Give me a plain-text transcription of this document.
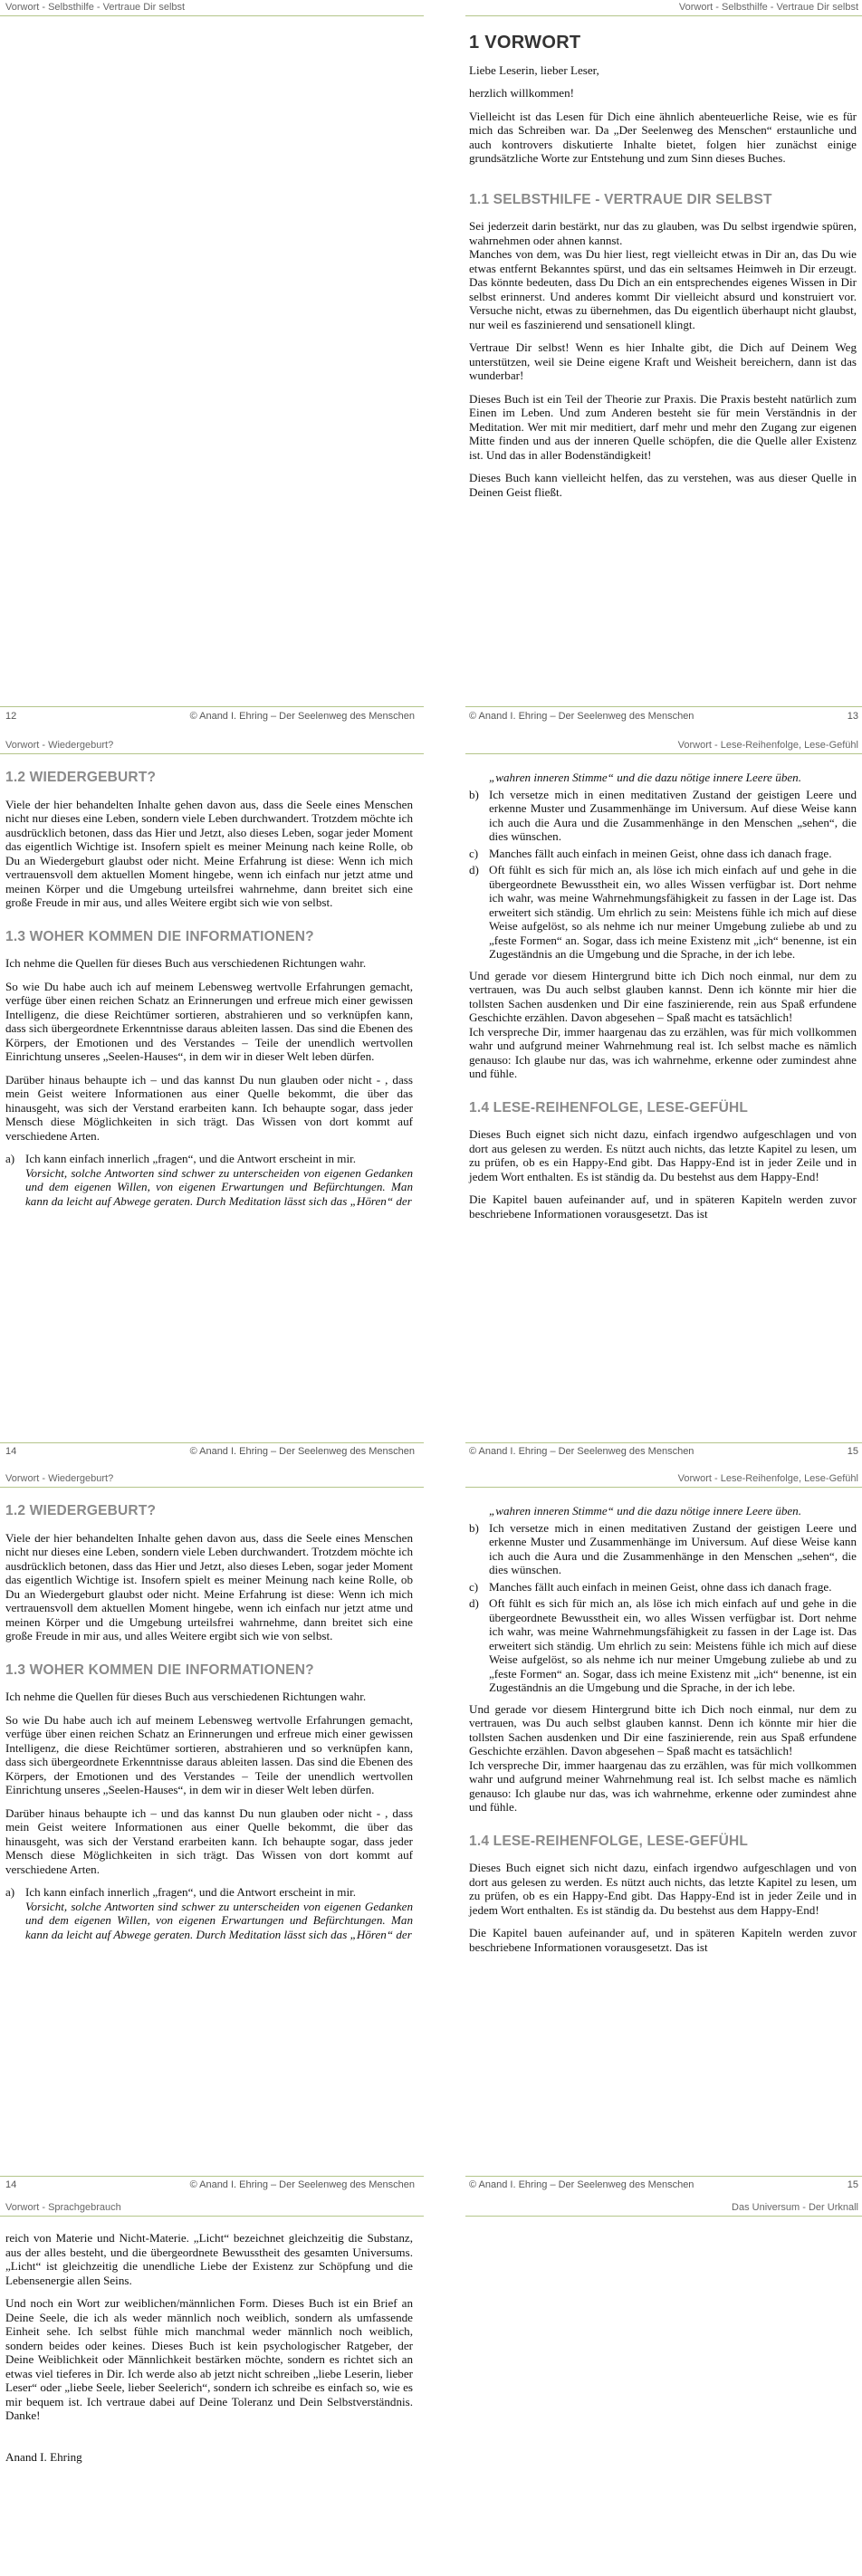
Vorwort - Selbsthilfe - Vertraue Dir selbst	Vorwort - Selbsthilfe - Vertraue Dir selbst
1 VORWORT

Liebe Leserin, lieber Leser,

herzlich willkommen!

Vielleicht ist das Lesen für Dich eine ähnlich abenteuerliche Reise, wie es für mich das Schreiben war. Da „Der Seelenweg des Menschen“ erstaunliche und auch kontrovers diskutierte Inhalte bietet, folgen hier zunächst einige grundsätzliche Worte zur Entstehung und zum Sinn dieses Buches.

1.1 SELBSTHILFE - VERTRAUE DIR SELBST

Sei jederzeit darin bestärkt, nur das zu glauben, was Du selbst irgendwie spüren, wahrnehmen oder ahnen kannst.

Manches von dem, was Du hier liest, regt vielleicht etwas in Dir an, das Du wie etwas entfernt Bekanntes spürst, und das ein seltsames Heimweh in Dir erzeugt. Das könnte bedeuten, dass Du Dich an ein entsprechendes eigenes Wissen in Dir selbst erinnerst. Und anderes kommt Dir vielleicht absurd und konstruiert vor. Versuche nicht, etwas zu übernehmen, das Du eigentlich überhaupt nicht glaubst, nur weil es faszinierend und sensationell klingt.

Vertraue Dir selbst! Wenn es hier Inhalte gibt, die Dich auf Deinem Weg unterstützen, weil sie Deine eigene Kraft und Weisheit bereichern, dann ist das wunderbar!

Dieses Buch ist ein Teil der Theorie zur Praxis. Die Praxis besteht natürlich zum Einen im Leben. Und zum Anderen besteht sie für mein Verständnis in der Meditation. Wer mit mir meditiert, darf mehr und mehr den Zugang zur eigenen Mitte finden und aus der inneren Quelle schöpfen, die die Quelle aller Existenz ist. Und das in aller Bodenständigkeit!

Dieses Buch kann vielleicht helfen, das zu verstehen, was aus dieser Quelle in Deinen Geist fließt.

12	© Anand I. Ehring – Der Seelenweg des Menschen	© Anand I. Ehring – Der Seelenweg des Menschen	13
Vorwort - Wiedergeburt?	Vorwort - Lese-Reihenfolge, Lese-Gefühl
1.2 WIEDERGEBURT?

Viele der hier behandelten Inhalte gehen davon aus, dass die Seele eines Menschen nicht nur dieses eine Leben, sondern viele Leben durchwandert. Trotzdem möchte ich ausdrücklich betonen, dass das Hier und Jetzt, also dieses Leben, sogar jeder Moment das eigentlich Wichtige ist. Insofern spielt es meiner Meinung nach keine Rolle, ob Du an Wiedergeburt glaubst oder nicht. Meine Erfahrung ist diese: Wenn ich mich vertrauensvoll dem aktuellen Moment hingebe, wenn ich einfach nur jetzt atme und meinen Körper und die Umgebung urteilsfrei wahrnehme, dann breitet sich eine große Freude in mir aus, und alles Weitere ergibt sich wie von selbst.

1.3 WOHER KOMMEN DIE INFORMATIONEN?

Ich nehme die Quellen für dieses Buch aus verschiedenen Richtungen wahr.

So wie Du habe auch ich auf meinem Lebensweg wertvolle Erfahrungen gemacht, verfüge über einen reichen Schatz an Erinnerungen und erfreue mich einer gewissen Intelligenz, die diese Reichtümer sortieren, abstrahieren und so verknüpfen kann, dass sich übergeordnete Erkenntnisse daraus ableiten lassen. Das sind die Ebenen des Körpers, der Emotionen und des Verstandes – Teile der unendlich wertvollen Einrichtung unseres „Seelen-Hauses“, in dem wir in dieser Welt leben dürfen.

Darüber hinaus behaupte ich – und das kannst Du nun glauben oder nicht - , dass mein Geist weitere Informationen aus einer Quelle bekommt, die über das hinausgeht, was sich der Verstand erarbeiten kann. Ich behaupte sogar, dass jeder Mensch diese Möglichkeiten in sich trägt. Das Wissen von dort kommt auf verschiedene Arten.

a) Ich kann einfach innerlich „fragen“, und die Antwort erscheint in mir.
Vorsicht, solche Antworten sind schwer zu unterscheiden von eigenen Gedanken und dem eigenen Willen, von eigenen Erwartungen und Befürchtungen. Man kann da leicht auf Abwege geraten. Durch Meditation lässt sich das „Hören“ der
„wahren inneren Stimme“ und die dazu nötige innere Leere üben.
b) Ich versetze mich in einen meditativen Zustand der geistigen Leere und erkenne Muster und Zusammenhänge im Universum. Auf diese Weise kann ich auch die Aura und die Zusammenhänge in den Menschen „sehen“, die dies wünschen.
c) Manches fällt auch einfach in meinen Geist, ohne dass ich danach frage.
d) Oft fühlt es sich für mich an, als löse ich mich einfach auf und gehe in die übergeordnete Bewusstheit ein, wo alles Wissen verfügbar ist. Dort nehme ich wahr, was meine Wahrnehmungsfähigkeit zu fassen in der Lage ist. Das erweitert sich ständig. Um ehrlich zu sein: Meistens fühle ich mich auf diese Weise aufgelöst, so als nehme ich nur meiner Umgebung zuliebe ab und zu „feste Formen“ an. Sogar, dass ich meine Existenz mit „ich“ benenne, ist ein Zugeständnis an die Umgebung und die Sprache, in der ich lebe.

Und gerade vor diesem Hintergrund bitte ich Dich noch einmal, nur dem zu vertrauen, was Du auch selbst glauben kannst. Denn ich könnte mir hier die tollsten Sachen ausdenken und Dir eine faszinierende, rein aus Spaß erfundene Geschichte erzählen. Davon abgesehen – Spaß macht es tatsächlich!

Ich verspreche Dir, immer haargenau das zu erzählen, was für mich vollkommen wahr und aufgrund meiner Wahrnehmung real ist. Ich selbst mache es nämlich genauso: Ich glaube nur das, was ich wahrnehme, erkenne oder zumindest ahne und fühle.

1.4 LESE-REIHENFOLGE, LESE-GEFÜHL

Dieses Buch eignet sich nicht dazu, einfach irgendwo aufgeschlagen und von dort aus gelesen zu werden. Es nützt auch nichts, das letzte Kapitel zu lesen, um zu prüfen, ob es ein Happy-End gibt. Das Happy-End ist in jeder Zeile und in jedem Wort enthalten. Es ist ständig da. Du bestehst aus dem Happy-End!

Die Kapitel bauen aufeinander auf, und in späteren Kapiteln werden zuvor beschriebene Informationen vorausgesetzt. Das ist

14	© Anand I. Ehring – Der Seelenweg des Menschen	© Anand I. Ehring – Der Seelenweg des Menschen	15
Vorwort - Wiedergeburt?	Vorwort - Lese-Reihenfolge, Lese-Gefühl
1.2 WIEDERGEBURT?

Viele der hier behandelten Inhalte gehen davon aus, dass die Seele eines Menschen nicht nur dieses eine Leben, sondern viele Leben durchwandert. Trotzdem möchte ich ausdrücklich betonen, dass das Hier und Jetzt, also dieses Leben, sogar jeder Moment das eigentlich Wichtige ist. Insofern spielt es meiner Meinung nach keine Rolle, ob Du an Wiedergeburt glaubst oder nicht. Meine Erfahrung ist diese: Wenn ich mich vertrauensvoll dem aktuellen Moment hingebe, wenn ich einfach nur jetzt atme und meinen Körper und die Umgebung urteilsfrei wahrnehme, dann breitet sich eine große Freude in mir aus, und alles Weitere ergibt sich wie von selbst.

1.3 WOHER KOMMEN DIE INFORMATIONEN?

Ich nehme die Quellen für dieses Buch aus verschiedenen Richtungen wahr.

So wie Du habe auch ich auf meinem Lebensweg wertvolle Erfahrungen gemacht, verfüge über einen reichen Schatz an Erinnerungen und erfreue mich einer gewissen Intelligenz, die diese Reichtümer sortieren, abstrahieren und so verknüpfen kann, dass sich übergeordnete Erkenntnisse daraus ableiten lassen. Das sind die Ebenen des Körpers, der Emotionen und des Verstandes – Teile der unendlich wertvollen Einrichtung unseres „Seelen-Hauses“, in dem wir in dieser Welt leben dürfen.

Darüber hinaus behaupte ich – und das kannst Du nun glauben oder nicht - , dass mein Geist weitere Informationen aus einer Quelle bekommt, die über das hinausgeht, was sich der Verstand erarbeiten kann. Ich behaupte sogar, dass jeder Mensch diese Möglichkeiten in sich trägt. Das Wissen von dort kommt auf verschiedene Arten.

a) Ich kann einfach innerlich „fragen“, und die Antwort erscheint in mir.
Vorsicht, solche Antworten sind schwer zu unterscheiden von eigenen Gedanken und dem eigenen Willen, von eigenen Erwartungen und Befürchtungen. Man kann da leicht auf Abwege geraten. Durch Meditation lässt sich das „Hören“ der
„wahren inneren Stimme“ und die dazu nötige innere Leere üben.
b) Ich versetze mich in einen meditativen Zustand der geistigen Leere und erkenne Muster und Zusammenhänge im Universum. Auf diese Weise kann ich auch die Aura und die Zusammenhänge in den Menschen „sehen“, die dies wünschen.
c) Manches fällt auch einfach in meinen Geist, ohne dass ich danach frage.
d) Oft fühlt es sich für mich an, als löse ich mich einfach auf und gehe in die übergeordnete Bewusstheit ein, wo alles Wissen verfügbar ist. Dort nehme ich wahr, was meine Wahrnehmungsfähigkeit zu fassen in der Lage ist. Das erweitert sich ständig. Um ehrlich zu sein: Meistens fühle ich mich auf diese Weise aufgelöst, so als nehme ich nur meiner Umgebung zuliebe ab und zu „feste Formen“ an. Sogar, dass ich meine Existenz mit „ich“ benenne, ist ein Zugeständnis an die Umgebung und die Sprache, in der ich lebe.

Und gerade vor diesem Hintergrund bitte ich Dich noch einmal, nur dem zu vertrauen, was Du auch selbst glauben kannst. Denn ich könnte mir hier die tollsten Sachen ausdenken und Dir eine faszinierende, rein aus Spaß erfundene Geschichte erzählen. Davon abgesehen – Spaß macht es tatsächlich!

Ich verspreche Dir, immer haargenau das zu erzählen, was für mich vollkommen wahr und aufgrund meiner Wahrnehmung real ist. Ich selbst mache es nämlich genauso: Ich glaube nur das, was ich wahrnehme, erkenne oder zumindest ahne und fühle.

1.4 LESE-REIHENFOLGE, LESE-GEFÜHL

Dieses Buch eignet sich nicht dazu, einfach irgendwo aufgeschlagen und von dort aus gelesen zu werden. Es nützt auch nichts, das letzte Kapitel zu lesen, um zu prüfen, ob es ein Happy-End gibt. Das Happy-End ist in jeder Zeile und in jedem Wort enthalten. Es ist ständig da. Du bestehst aus dem Happy-End!

Die Kapitel bauen aufeinander auf, und in späteren Kapiteln werden zuvor beschriebene Informationen vorausgesetzt. Das ist

14	© Anand I. Ehring – Der Seelenweg des Menschen	© Anand I. Ehring – Der Seelenweg des Menschen	15
Vorwort - Sprachgebrauch	Das Universum - Der Urknall

reich von Materie und Nicht-Materie. „Licht“ bezeichnet gleichzeitig die Substanz, aus der alles besteht, und die übergeordnete Bewusstheit des gesamten Universums. „Licht“ ist gleichzeitig die unendliche Liebe der Existenz zur Schöpfung und die Lebensenergie allen Seins.

Und noch ein Wort zur weiblichen/männlichen Form. Dieses Buch ist ein Brief an Deine Seele, die ich als weder männlich noch weiblich, sondern als umfassende Einheit sehe. Ich selbst fühle mich manchmal weder männlich noch weiblich, sondern beides oder keines. Dieses Buch ist kein psychologischer Ratgeber, der Deine Weiblichkeit oder Männlichkeit bestärken möchte, sondern es richtet sich an etwas viel tieferes in Dir. Ich werde also ab jetzt nicht schreiben „liebe Leserin, lieber Leser“ oder „liebe Seele, lieber Seelerich“, sondern ich schreibe es einfach so, wie es mir bequem ist. Ich vertraue dabei auf Deine Toleranz und Dein Selbstverständnis. Danke!

Anand I. Ehring
